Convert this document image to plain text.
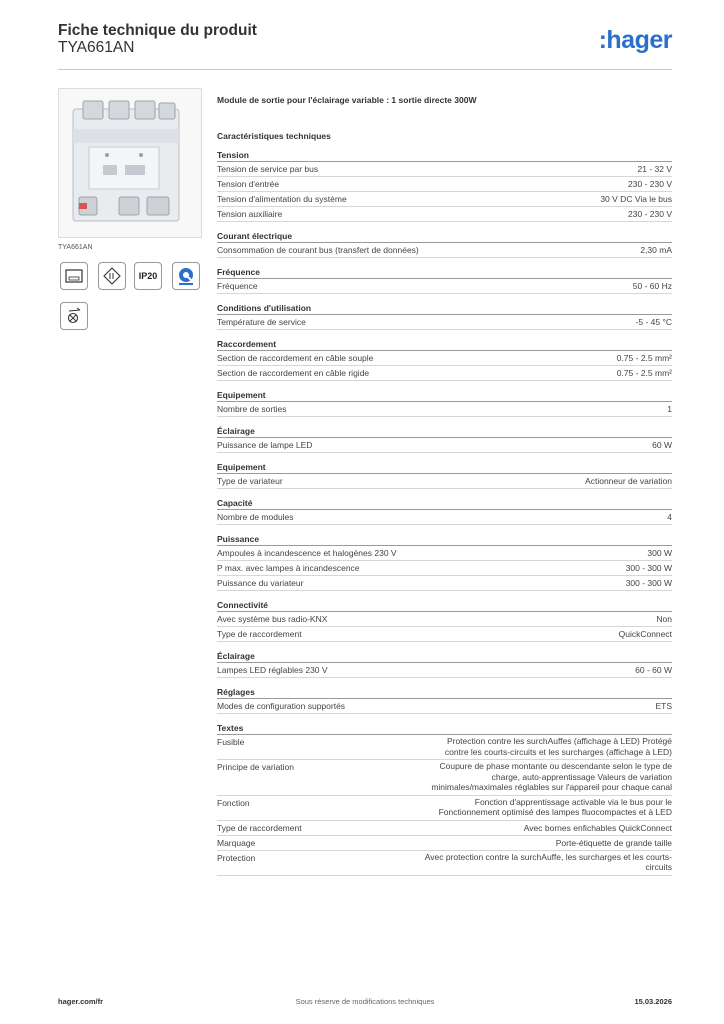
Fiche technique du produit
TYA661AN	:hager
TYA661AN
IP20
Module de sortie pour l'éclairage variable : 1 sortie directe 300W
Caractéristiques techniques
Tension
Tension de service par bus	21 - 32 V
Tension d'entrée	230 - 230 V
Tension d'alimentation du système	30 V DC Via le bus
Tension auxiliaire	230 - 230 V
Courant électrique
Consommation de courant bus (transfert de données)	2,30 mA
Fréquence
Fréquence	50 - 60 Hz
Conditions d'utilisation
Température de service	-5 - 45 °C
Raccordement
Section de raccordement en câble souple	0.75 - 2.5 mm²
Section de raccordement en câble rigide	0.75 - 2.5 mm²
Equipement
Nombre de sorties	1
Éclairage
Puissance de lampe LED	60 W
Equipement
Type de variateur	Actionneur de variation
Capacité
Nombre de modules	4
Puissance
Ampoules à incandescence et halogènes 230 V	300 W
P max. avec lampes à incandescence	300 - 300 W
Puissance du variateur	300 - 300 W
Connectivité
Avec système bus radio-KNX	Non
Type de raccordement	QuickConnect
Éclairage
Lampes LED réglables 230 V	60 - 60 W
Réglages
Modes de configuration supportés	ETS
Textes
Fusible	Protection contre les surchAuffes (affichage à LED) Protégé contre les courts-circuits et les surcharges (affichage à LED)
Principe de variation	Coupure de phase montante ou descendante selon le type de charge, auto-apprentissage Valeurs de variation minimales/maximales réglables sur l'appareil pour chaque canal
Fonction	Fonction d'apprentissage activable via le bus pour le Fonctionnement optimisé des lampes fluocompactes et à LED
Type de raccordement	Avec bornes enfichables QuickConnect
Marquage	Porte-étiquette de grande taille
Protection	Avec protection contre la surchAuffe, les surcharges et les courts-circuits
hager.com/fr	Sous réserve de modifications techniques	15.03.2026
